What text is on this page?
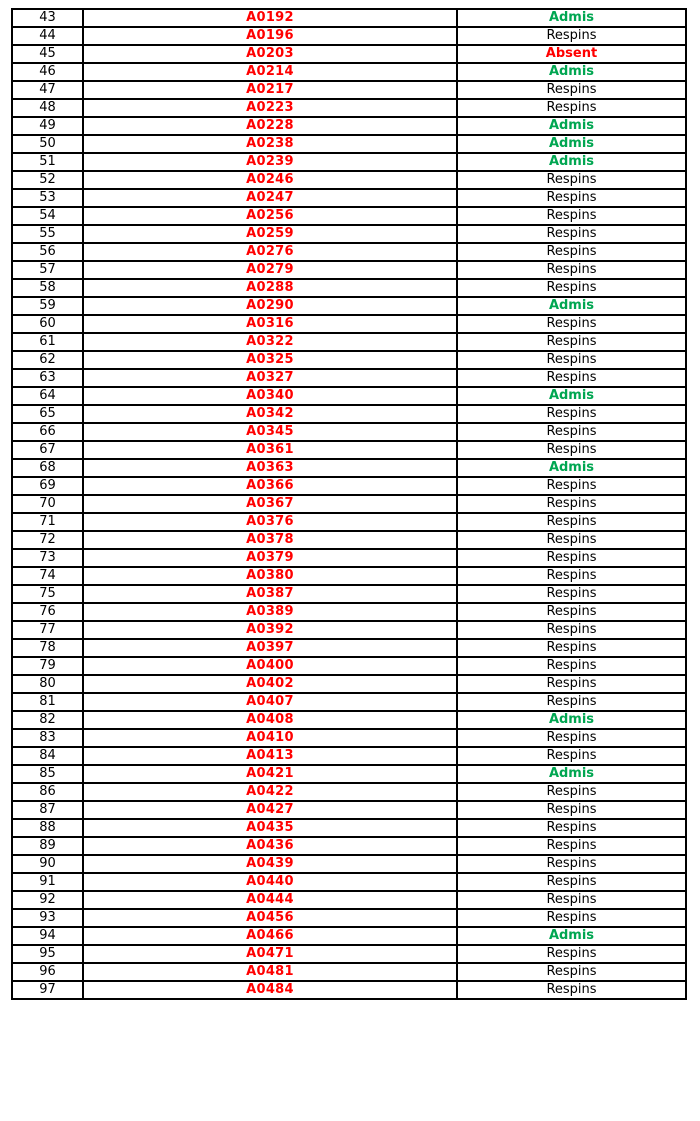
43	A0192	Admis
44	A0196	Respins
45	A0203	Absent
46	A0214	Admis
47	A0217	Respins
48	A0223	Respins
49	A0228	Admis
50	A0238	Admis
51	A0239	Admis
52	A0246	Respins
53	A0247	Respins
54	A0256	Respins
55	A0259	Respins
56	A0276	Respins
57	A0279	Respins
58	A0288	Respins
59	A0290	Admis
60	A0316	Respins
61	A0322	Respins
62	A0325	Respins
63	A0327	Respins
64	A0340	Admis
65	A0342	Respins
66	A0345	Respins
67	A0361	Respins
68	A0363	Admis
69	A0366	Respins
70	A0367	Respins
71	A0376	Respins
72	A0378	Respins
73	A0379	Respins
74	A0380	Respins
75	A0387	Respins
76	A0389	Respins
77	A0392	Respins
78	A0397	Respins
79	A0400	Respins
80	A0402	Respins
81	A0407	Respins
82	A0408	Admis
83	A0410	Respins
84	A0413	Respins
85	A0421	Admis
86	A0422	Respins
87	A0427	Respins
88	A0435	Respins
89	A0436	Respins
90	A0439	Respins
91	A0440	Respins
92	A0444	Respins
93	A0456	Respins
94	A0466	Admis
95	A0471	Respins
96	A0481	Respins
97	A0484	Respins
